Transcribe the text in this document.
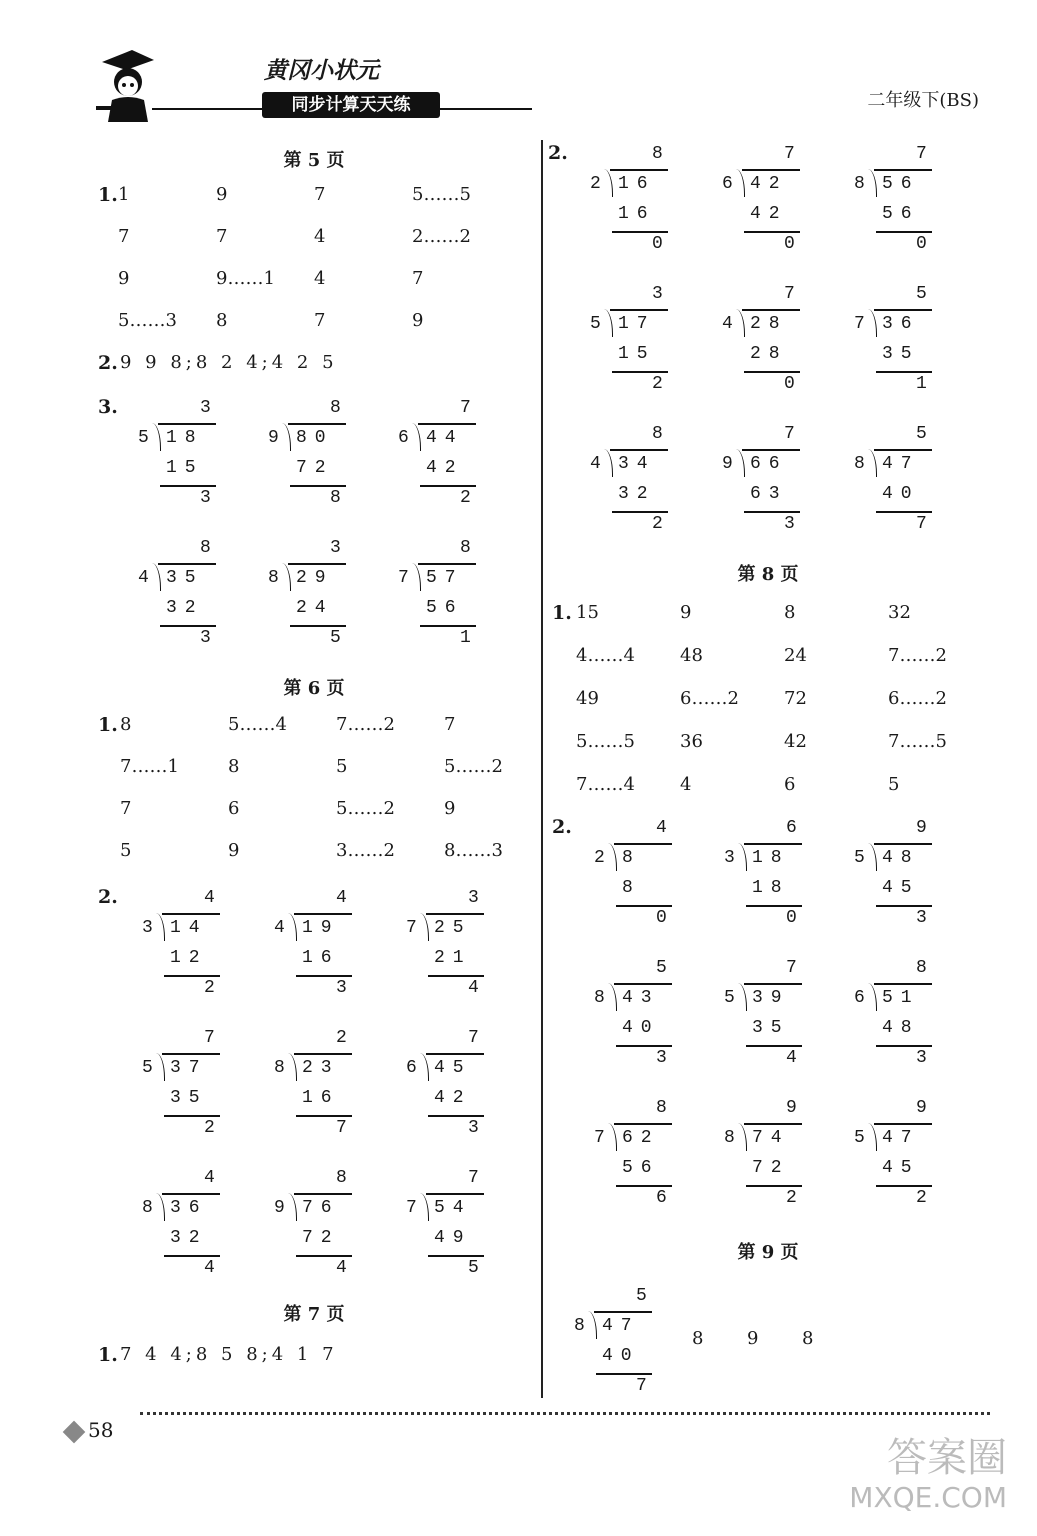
黄冈小状元
同步计算天天练	二年级下(BS)
第 5 页
1. 1	9	7	5……5
7	7	4	2……2
9	9……1	4	7
5……3	8	7	9
2. 9 9 8;8 2 4;4 2 5
3.	3
5 18
15
3
8
9 80
72
8
7
6 44
42
2
8
4 35
32
3
3
8 29
24
5
8
7 57
56
1
第 6 页
1. 8	5……4	7……2	7
7……1	8	5	5……2
7	6	5……2	9
5	9	3……2	8……3
2.	4
3 14
12
2
4
4 19
16
3
3
7 25
21
4
7
5 37
35
2
2
8 23
16
7
7
6 45
42
3
4
8 36
32
4
8
9 76
72
4
7
7 54
49
5
第 7 页
1. 7 4 4;8 5 8;4 1 7
2.	8
2 16
16
0
7
6 42
42
0
7
8 56
56
0
3
5 17
15
2
7
4 28
28
0
5
7 36
35
1
8
4 34
32
2
7
9 66
63
3
5
8 47
40
7
第 8 页
1. 15	9	8	32
4……4	48	24	7……2
49	6……2	72	6……2
5……5	36	42	7……5
7……4	4	6	5
2.	4
2 8
8
0
6
3 18
18
0
9
5 48
45
3
5
8 43
40
3
7
5 39
35
4
8
6 51
48
3
8
7 62
56
6
9
8 74
72
2
9
5 47
45
2
第 9 页
5
8 47
40
7
8	9	8
58
答案圈
MXQE.COM
